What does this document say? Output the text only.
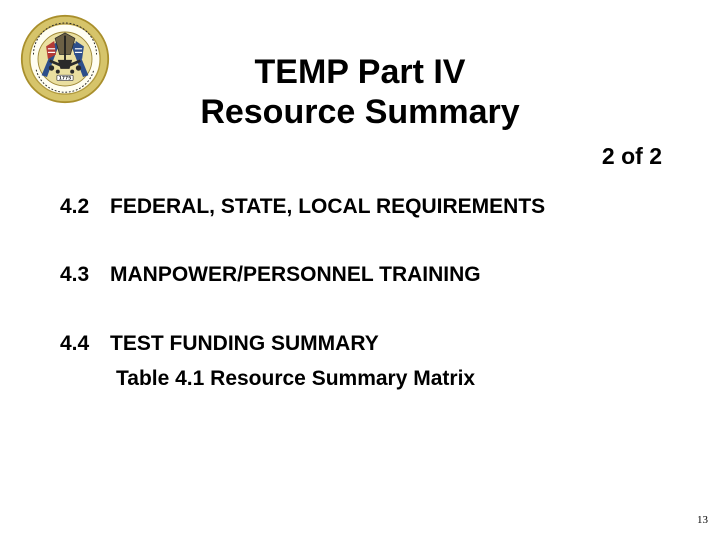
1775	TEMP Part IV
Resource Summary
2 of 2
4.2 FEDERAL, STATE, LOCAL REQUIREMENTS
4.3 MANPOWER/PERSONNEL TRAINING
4.4 TEST FUNDING SUMMARY
Table 4.1 Resource Summary Matrix
13
